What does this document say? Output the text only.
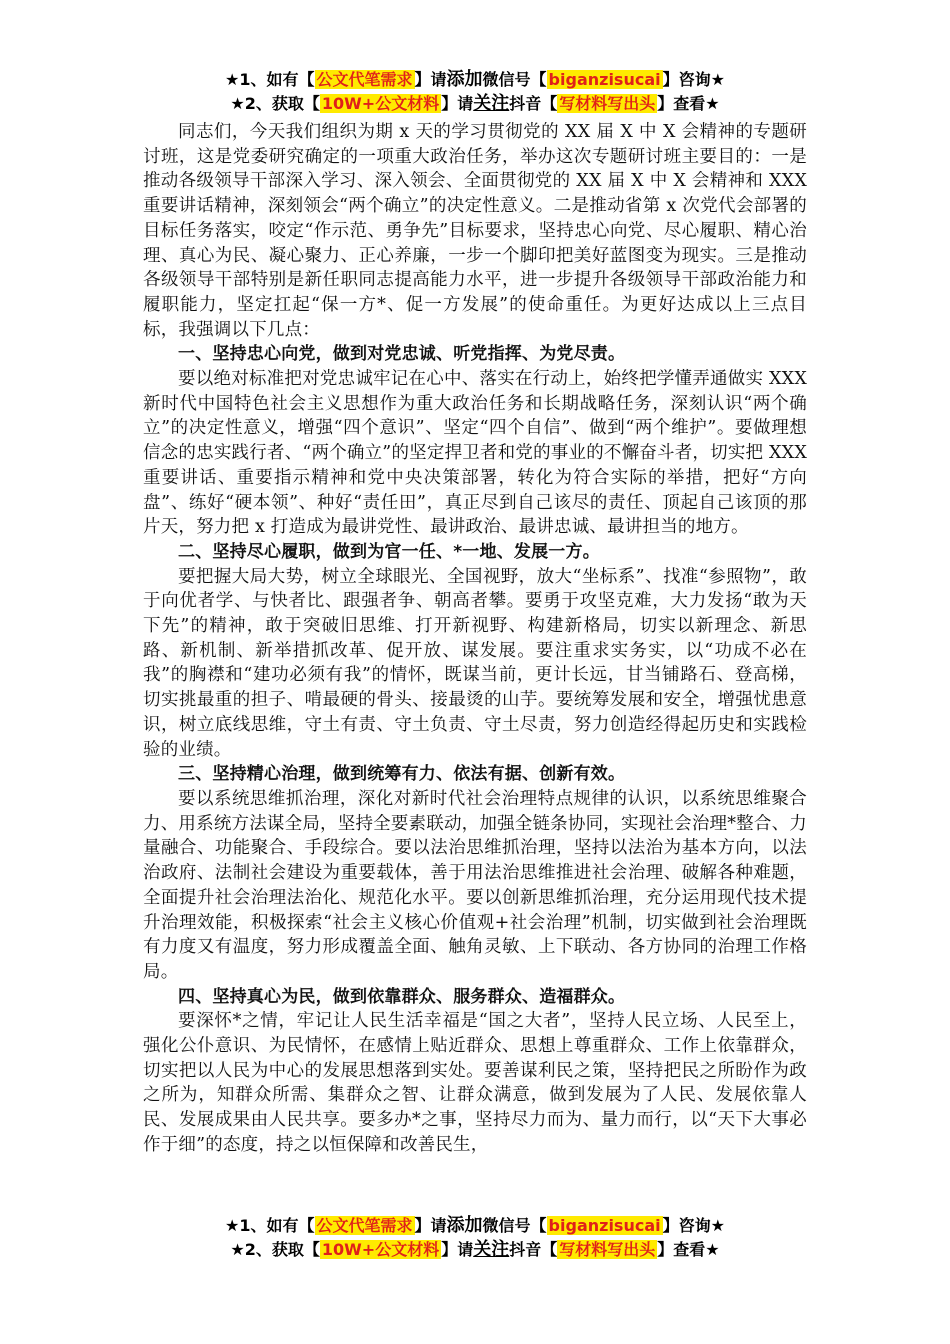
★1、如有【 公文代笔需求 】请添加微信号【 biganzisucai 】咨询★
★2、获取【 10W+公文材料 】请关注抖音【 写材料写出头 】查看★

同志们，今天我们组织为期 x 天的学习贯彻党的 XX 届 X 中 X 会精神的专题研讨班，这是党委研究确定的一项重大政治任务，举办这次专题研讨班主要目的：一是推动各级领导干部深入学习、深入领会、全面贯彻党的 XX 届 X 中 X 会精神和 XXX 重要讲话精神，深刻领会“两个确立”的决定性意义。二是推动省第 x 次党代会部署的目标任务落实，咬定“作示范、勇争先”目标要求，坚持忠心向党、尽心履职、精心治理、真心为民、凝心聚力、正心养廉，一步一个脚印把美好蓝图变为现实。三是推动各级领导干部特别是新任职同志提高能力水平，进一步提升各级领导干部政治能力和履职能力，坚定扛起“保一方*、促一方发展”的使命重任。为更好达成以上三点目标，我强调以下几点：

一、坚持忠心向党，做到对党忠诚、听党指挥、为党尽责。

要以绝对标准把对党忠诚牢记在心中、落实在行动上，始终把学懂弄通做实 XXX 新时代中国特色社会主义思想作为重大政治任务和长期战略任务，深刻认识“两个确立”的决定性意义，增强“四个意识”、坚定“四个自信”、做到“两个维护”。要做理想信念的忠实践行者、“两个确立”的坚定捍卫者和党的事业的不懈奋斗者，切实把 XXX 重要讲话、重要指示精神和党中央决策部署，转化为符合实际的举措，把好“方向盘”、练好“硬本领”、种好“责任田”，真正尽到自己该尽的责任、顶起自己该顶的那片天，努力把 x 打造成为最讲党性、最讲政治、最讲忠诚、最讲担当的地方。

二、坚持尽心履职，做到为官一任、*一地、发展一方。

要把握大局大势，树立全球眼光、全国视野，放大“坐标系”、找准“参照物”，敢于向优者学、与快者比、跟强者争、朝高者攀。要勇于攻坚克难，大力发扬“敢为天下先”的精神，敢于突破旧思维、打开新视野、构建新格局，切实以新理念、新思路、新机制、新举措抓改革、促开放、谋发展。要注重求实务实，以“功成不必在我”的胸襟和“建功必须有我”的情怀，既谋当前，更计长远，甘当铺路石、登高梯，切实挑最重的担子、啃最硬的骨头、接最烫的山芋。要统筹发展和安全，增强忧患意识，树立底线思维，守土有责、守土负责、守土尽责，努力创造经得起历史和实践检验的业绩。

三、坚持精心治理，做到统筹有力、依法有据、创新有效。

要以系统思维抓治理，深化对新时代社会治理特点规律的认识，以系统思维聚合力、用系统方法谋全局，坚持全要素联动，加强全链条协同，实现社会治理*整合、力量融合、功能聚合、手段综合。要以法治思维抓治理，坚持以法治为基本方向，以法治政府、法制社会建设为重要载体，善于用法治思维推进社会治理、破解各种难题，全面提升社会治理法治化、规范化水平。要以创新思维抓治理，充分运用现代技术提升治理效能，积极探索“社会主义核心价值观+社会治理”机制，切实做到社会治理既有力度又有温度，努力形成覆盖全面、触角灵敏、上下联动、各方协同的治理工作格局。

四、坚持真心为民，做到依靠群众、服务群众、造福群众。

要深怀*之情，牢记让人民生活幸福是“国之大者”，坚持人民立场、人民至上，强化公仆意识、为民情怀，在感情上贴近群众、思想上尊重群众、工作上依靠群众，切实把以人民为中心的发展思想落到实处。要善谋利民之策，坚持把民之所盼作为政之所为，知群众所需、集群众之智、让群众满意，做到发展为了人民、发展依靠人民、发展成果由人民共享。要多办*之事，坚持尽力而为、量力而行，以“天下大事必作于细”的态度，持之以恒保障和改善民生，

★1、如有【 公文代笔需求 】请添加微信号【 biganzisucai 】咨询★
★2、获取【 10W+公文材料 】请关注抖音【 写材料写出头 】查看★
